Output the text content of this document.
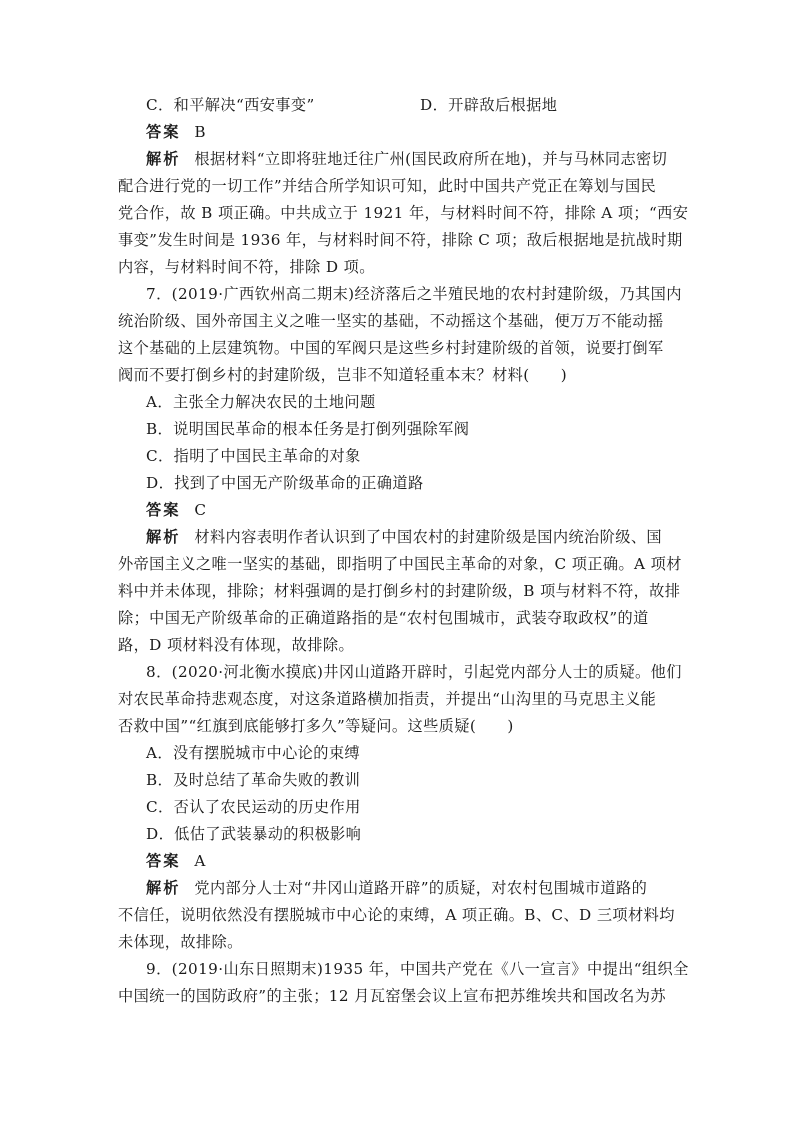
C．和平解决“西安事变”	D．开辟敌后根据地
答案 B
解析 根据材料“立即将驻地迁往广州(国民政府所在地)，并与马林同志密切
配合进行党的一切工作”并结合所学知识可知，此时中国共产党正在筹划与国民
党合作，故 B 项正确。中共成立于 1921 年，与材料时间不符，排除 A 项；“西安
事变”发生时间是 1936 年，与材料时间不符，排除 C 项；敌后根据地是抗战时期
内容，与材料时间不符，排除 D 项。
7．(2019·广西钦州高二期末)经济落后之半殖民地的农村封建阶级，乃其国内
统治阶级、国外帝国主义之唯一坚实的基础，不动摇这个基础，便万万不能动摇
这个基础的上层建筑物。中国的军阀只是这些乡村封建阶级的首领，说要打倒军
阀而不要打倒乡村的封建阶级，岂非不知道轻重本末？材料(　　)
A．主张全力解决农民的土地问题
B．说明国民革命的根本任务是打倒列强除军阀
C．指明了中国民主革命的对象
D．找到了中国无产阶级革命的正确道路
答案 C
解析 材料内容表明作者认识到了中国农村的封建阶级是国内统治阶级、国
外帝国主义之唯一坚实的基础，即指明了中国民主革命的对象，C 项正确。A 项材
料中并未体现，排除；材料强调的是打倒乡村的封建阶级，B 项与材料不符，故排
除；中国无产阶级革命的正确道路指的是“农村包围城市，武装夺取政权”的道
路，D 项材料没有体现，故排除。
8．(2020·河北衡水摸底)井冈山道路开辟时，引起党内部分人士的质疑。他们
对农民革命持悲观态度，对这条道路横加指责，并提出“山沟里的马克思主义能
否救中国”“红旗到底能够打多久”等疑问。这些质疑(　　)
A．没有摆脱城市中心论的束缚
B．及时总结了革命失败的教训
C．否认了农民运动的历史作用
D．低估了武装暴动的积极影响
答案 A
解析 党内部分人士对“井冈山道路开辟”的质疑，对农村包围城市道路的
不信任，说明依然没有摆脱城市中心论的束缚，A 项正确。B、C、D 三项材料均
未体现，故排除。
9．(2019·山东日照期末)1935 年，中国共产党在《八一宣言》中提出“组织全
中国统一的国防政府”的主张；12 月瓦窑堡会议上宣布把苏维埃共和国改名为苏
